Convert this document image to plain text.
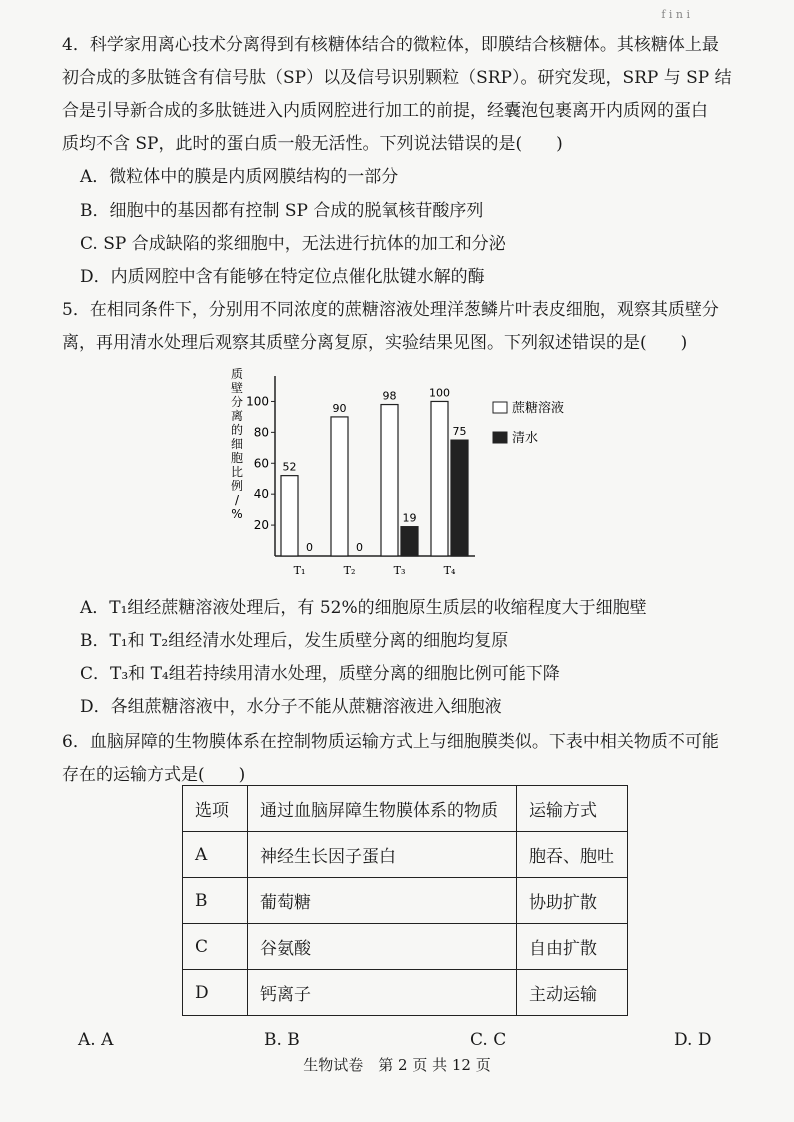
f i n i
4．科学家用离心技术分离得到有核糖体结合的微粒体，即膜结合核糖体。其核糖体上最
初合成的多肽链含有信号肽（SP）以及信号识别颗粒（SRP）。研究发现，SRP 与 SP 结
合是引导新合成的多肽链进入内质网腔进行加工的前提，经囊泡包裹离开内质网的蛋白
质均不含 SP，此时的蛋白质一般无活性。下列说法错误的是(　　)
A．微粒体中的膜是内质网膜结构的一部分
B．细胞中的基因都有控制 SP 合成的脱氧核苷酸序列
C. SP 合成缺陷的浆细胞中，无法进行抗体的加工和分泌
D．内质网腔中含有能够在特定位点催化肽键水解的酶
5．在相同条件下，分别用不同浓度的蔗糖溶液处理洋葱鳞片叶表皮细胞，观察其质壁分
离，再用清水处理后观察其质壁分离复原，实验结果见图。下列叙述错误的是(　　)
质
壁
分
离
的
细
胞
比
例
/
%
20
40
60
80
100
52
0
T₁
90
0
T₂
98
19
T₃
100
75
T₄
蔗糖溶液
清水
A．T₁组经蔗糖溶液处理后，有 52%的细胞原生质层的收缩程度大于细胞壁
B．T₁和 T₂组经清水处理后，发生质壁分离的细胞均复原
C．T₃和 T₄组若持续用清水处理，质壁分离的细胞比例可能下降
D．各组蔗糖溶液中，水分子不能从蔗糖溶液进入细胞液
6．血脑屏障的生物膜体系在控制物质运输方式上与细胞膜类似。下表中相关物质不可能
存在的运输方式是(　　)
选项	通过血脑屏障生物膜体系的物质	运输方式
A	神经生长因子蛋白	胞吞、胞吐
B	葡萄糖	协助扩散
C	谷氨酸	自由扩散
D	钙离子	主动运输
A. A	B. B	C. C	D. D
生物试卷　第 2 页 共 12 页
